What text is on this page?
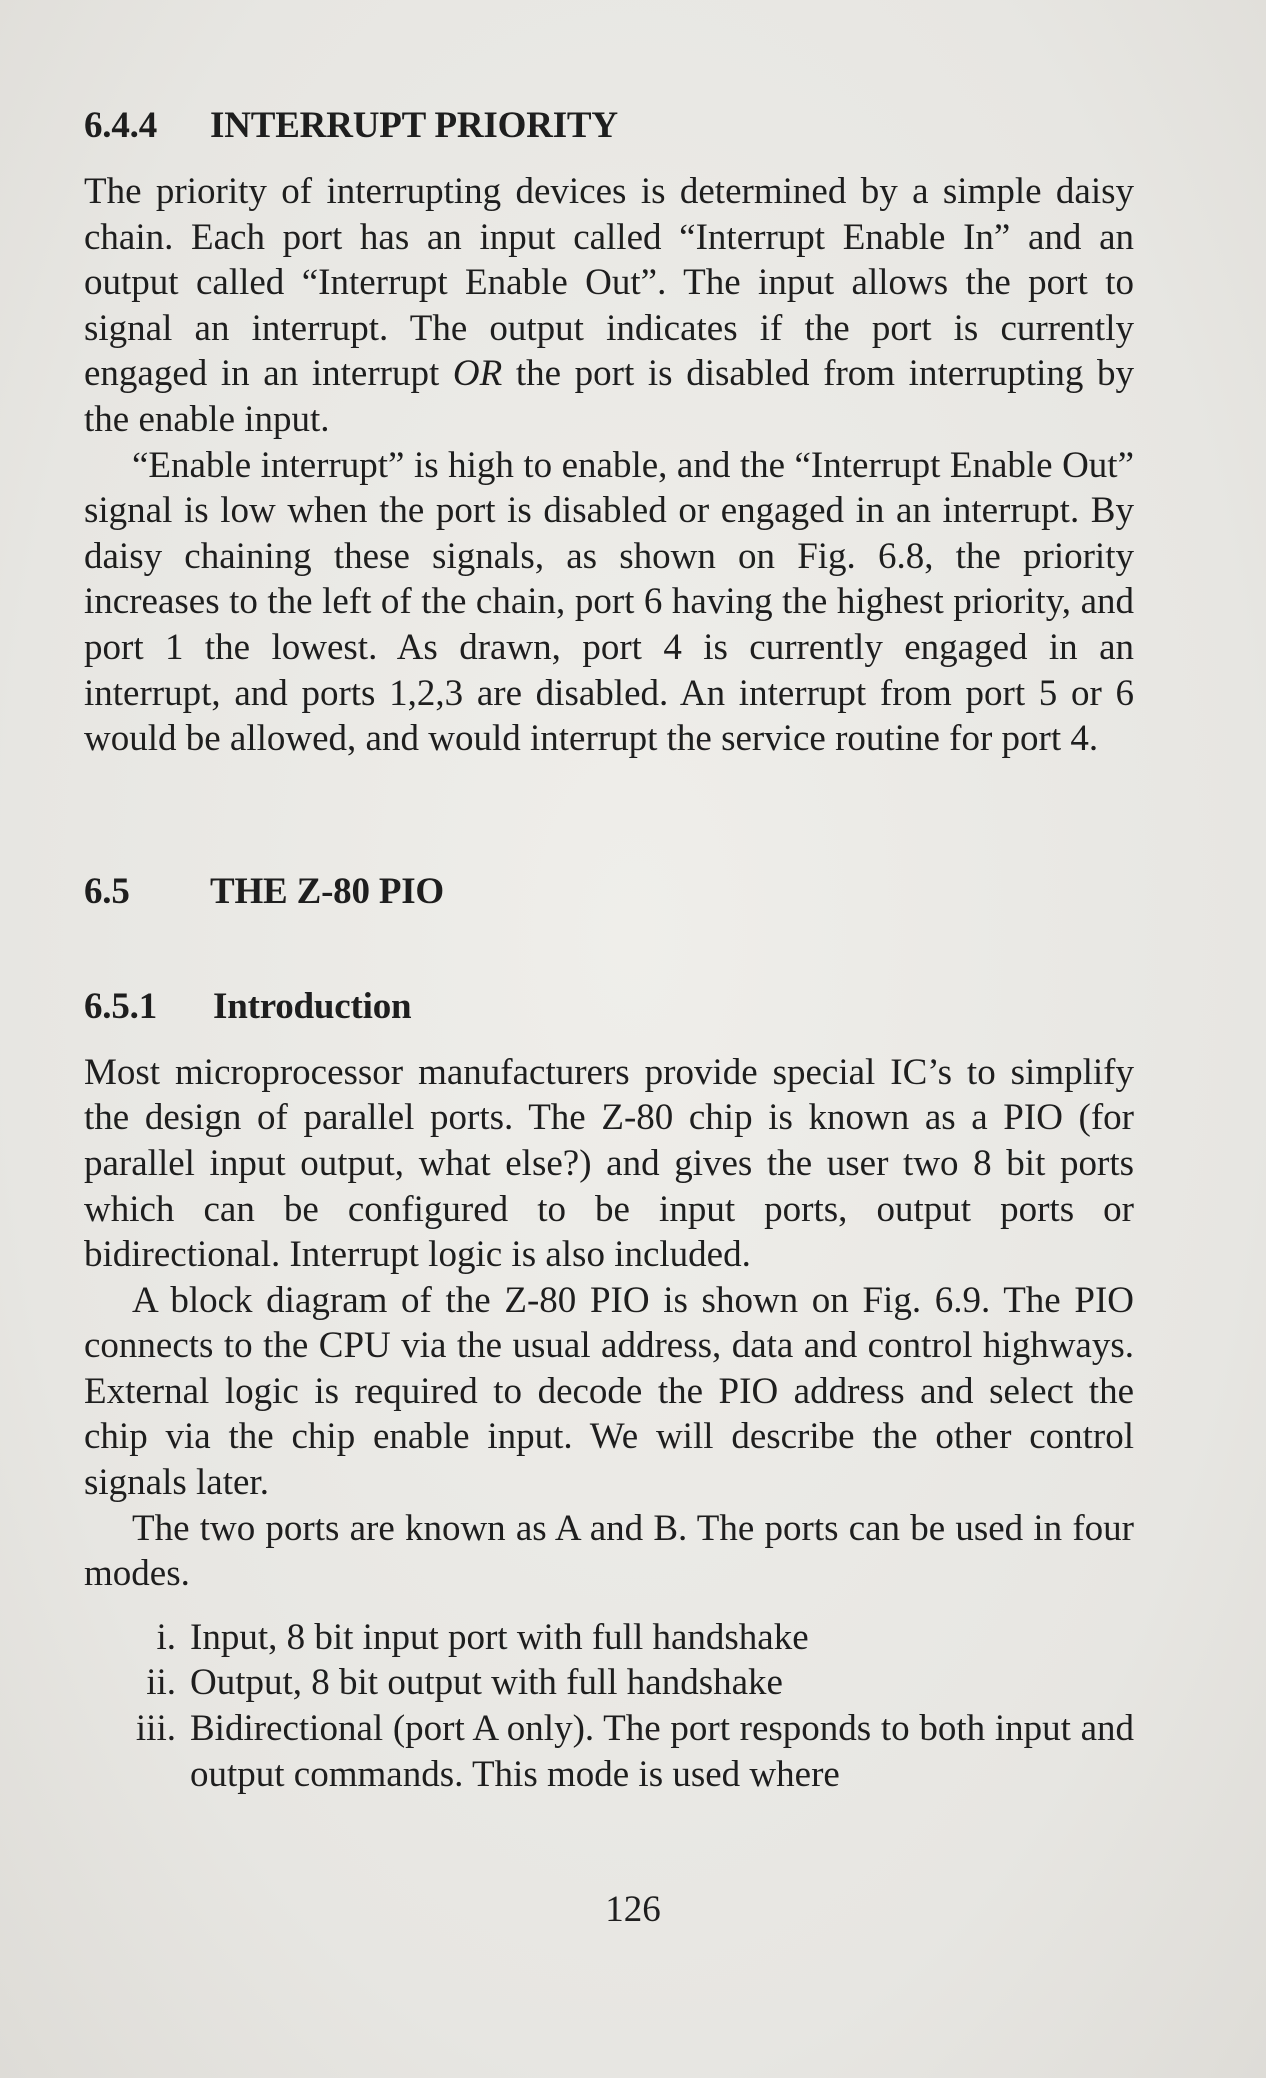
6.4.4 INTERRUPT PRIORITY

The priority of interrupting devices is determined by a simple daisy chain. Each port has an input called “Interrupt Enable In” and an output called “Interrupt Enable Out”. The input allows the port to signal an interrupt. The output indicates if the port is currently engaged in an interrupt OR the port is disabled from interrupting by the enable input.

“Enable interrupt” is high to enable, and the “Interrupt Enable Out” signal is low when the port is disabled or engaged in an interrupt. By daisy chaining these signals, as shown on Fig. 6.8, the priority increases to the left of the chain, port 6 having the highest priority, and port 1 the lowest. As drawn, port 4 is currently engaged in an interrupt, and ports 1,2,3 are disabled. An interrupt from port 5 or 6 would be allowed, and would interrupt the service routine for port 4.

6.5 THE Z-80 PIO
6.5.1 Introduction

Most microprocessor manufacturers provide special IC’s to simplify the design of parallel ports. The Z-80 chip is known as a PIO (for parallel input output, what else?) and gives the user two 8 bit ports which can be configured to be input ports, output ports or bidirectional. Interrupt logic is also included.

A block diagram of the Z-80 PIO is shown on Fig. 6.9. The PIO connects to the CPU via the usual address, data and control highways. External logic is required to decode the PIO address and select the chip via the chip enable input. We will describe the other control signals later.

The two ports are known as A and B. The ports can be used in four modes.

i. Input, 8 bit input port with full handshake
ii. Output, 8 bit output with full handshake
iii. Bidirectional (port A only). The port responds to both input and output commands. This mode is used where
126
